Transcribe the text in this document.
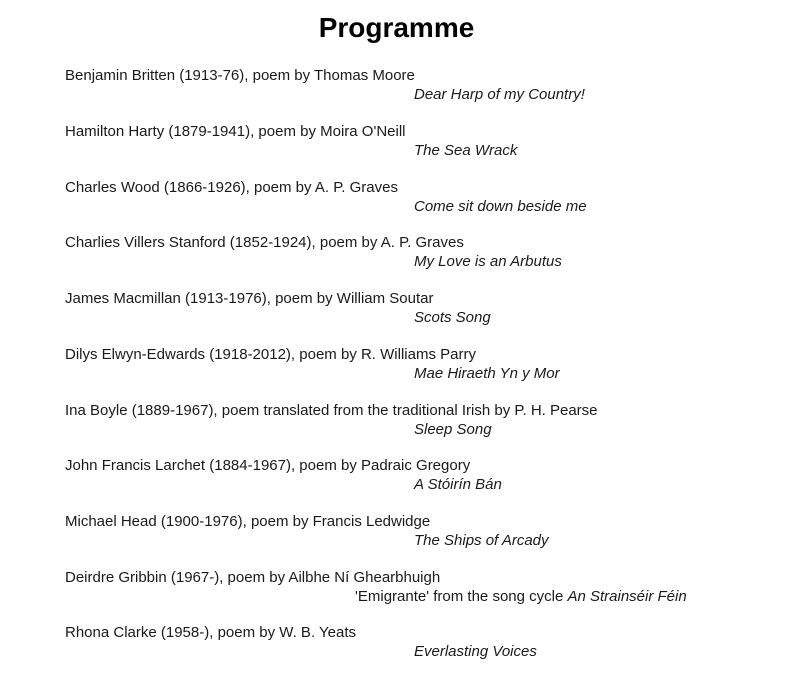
Programme
Benjamin Britten (1913-76), poem by Thomas Moore
Dear Harp of my Country!
Hamilton Harty (1879-1941), poem by Moira O'Neill
The Sea Wrack
Charles Wood (1866-1926), poem by A. P. Graves
Come sit down beside me
Charlies Villers Stanford (1852-1924), poem by A. P. Graves
My Love is an Arbutus
James Macmillan (1913-1976), poem by William Soutar
Scots Song
Dilys Elwyn-Edwards (1918-2012), poem by R. Williams Parry
Mae Hiraeth Yn y Mor
Ina Boyle (1889-1967), poem translated from the traditional Irish by P. H. Pearse
Sleep Song
John Francis Larchet (1884-1967), poem by Padraic Gregory
A Stóirín Bán
Michael Head (1900-1976), poem by Francis Ledwidge
The Ships of Arcady
Deirdre Gribbin (1967-), poem by Ailbhe Ní Ghearbhuigh
'Emigrante' from the song cycle An Strainséir Féin
Rhona Clarke (1958-), poem by W. B. Yeats
Everlasting Voices
